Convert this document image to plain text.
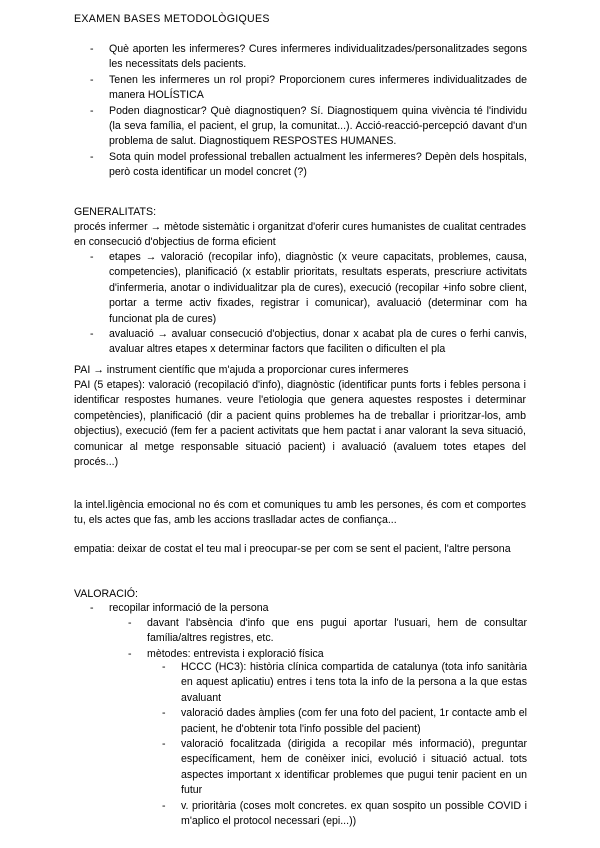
EXAMEN BASES METODOLÒGIQUES
- Què aporten les infermeres? Cures infermeres individualitzades/personalitzades segons les necessitats dels pacients.
- Tenen les infermeres un rol propi? Proporcionem cures infermeres individualitzades de manera HOLÍSTICA
- Poden diagnosticar? Què diagnostiquen? Sí. Diagnostiquem quina vivència té l'individu (la seva família, el pacient, el grup, la comunitat...). Acció-reacció-percepció davant d'un problema de salut. Diagnostiquem RESPOSTES HUMANES.
- Sota quin model professional treballen actualment les infermeres? Depèn dels hospitals, però costa identificar un model concret (?)
GENERALITATS:
procés infermer → mètode sistemàtic i organitzat d'oferir cures humanistes de cualitat centrades en consecució d'objectius de forma eficient
- etapes → valoració (recopilar info), diagnòstic (x veure capacitats, problemes, causa, competencies), planificació (x establir prioritats, resultats esperats, prescriure activitats d'infermeria, anotar o individualitzar pla de cures), execució (recopilar +info sobre client, portar a terme activ fixades, registrar i comunicar), avaluació (determinar com ha funcionat pla de cures)
- avaluació → avaluar consecució d'objectius, donar x acabat pla de cures o ferhi canvis, avaluar altres etapes x determinar factors que faciliten o dificulten el pla
PAI → instrument científic que m'ajuda a proporcionar cures infermeres
PAI (5 etapes): valoració (recopilació d'info), diagnòstic (identificar punts forts i febles persona i identificar respostes humanes. veure l'etiologia que genera aquestes respostes i determinar competències), planificació (dir a pacient quins problemes ha de treballar i prioritzar-los, amb objectius), execució (fem fer a pacient activitats que hem pactat i anar valorant la seva situació, comunicar al metge responsable situació pacient) i avaluació (avaluem totes etapes del procés...)
la intel.ligència emocional no és com et comuniques tu amb les persones, és com et comportes tu, els actes que fas, amb les accions traslladar actes de confiança...
empatia: deixar de costat el teu mal i preocupar-se per com se sent el pacient, l'altre persona
VALORACIÓ:
- recopilar informació de la persona
- davant l'absència d'info que ens pugui aportar l'usuari, hem de consultar família/altres registres, etc.
- mètodes: entrevista i exploració física
- HCCC (HC3): història clínica compartida de catalunya (tota info sanitària en aquest aplicatiu) entres i tens tota la info de la persona a la que estas avaluant
- valoració dades àmplies (com fer una foto del pacient, 1r contacte amb el pacient, he d'obtenir tota l'info possible del pacient)
- valoració focalitzada (dirigida a recopilar més informació), preguntar específicament, hem de conèixer inici, evolució i situació actual. tots aspectes important x identificar problemes que pugui tenir pacient en un futur
- v. prioritària (coses molt concretes. ex quan sospito un possible COVID i m'aplico el protocol necessari (epi...))
